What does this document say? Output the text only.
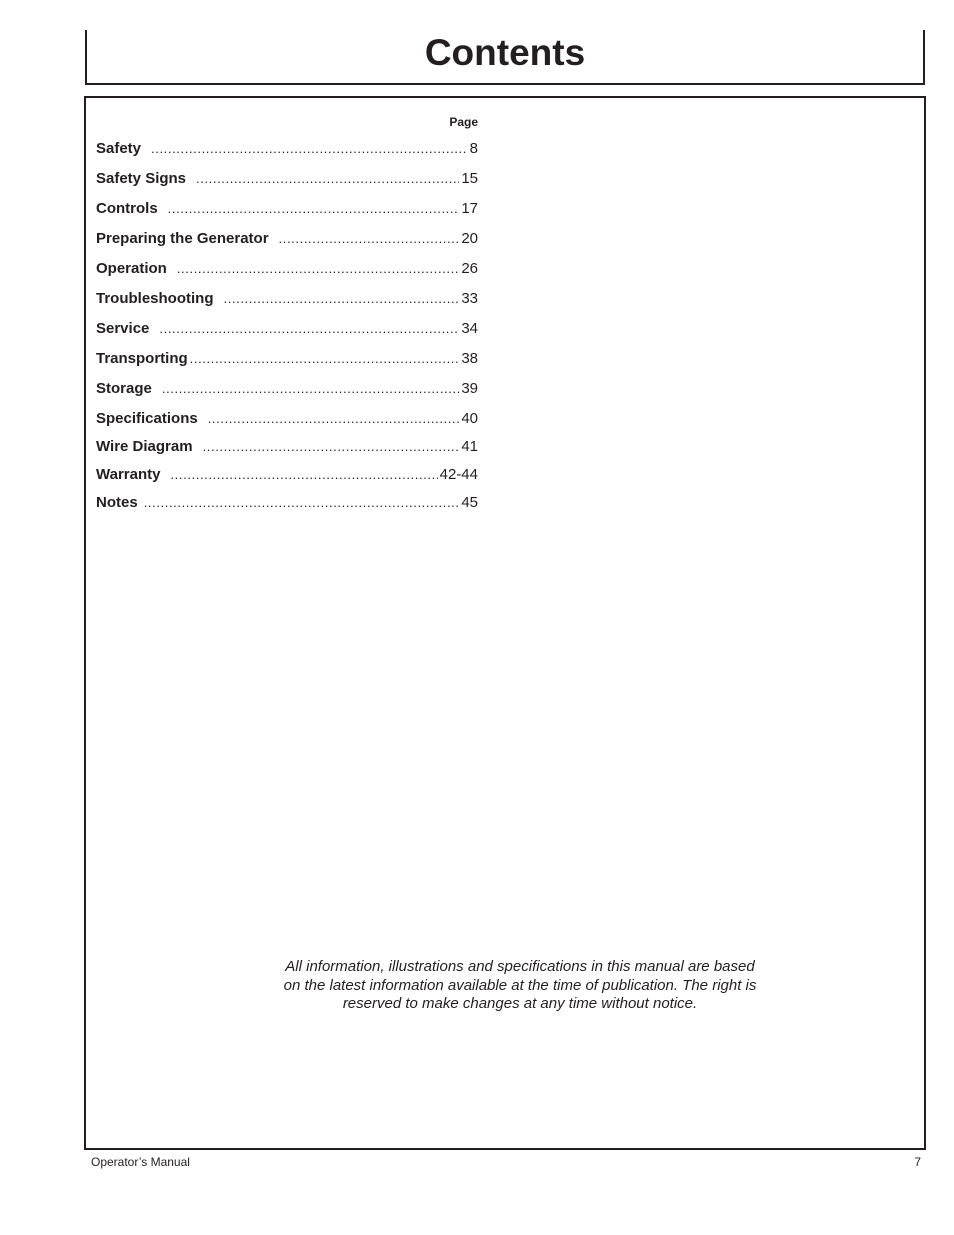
Contents
Page
Safety .....	8
Safety Signs .....	15
Controls .....	17
Preparing the Generator .....	20
Operation .....	26
Troubleshooting .....	33
Service .....	34
Transporting .....	38
Storage .....	39
Specifications .....	40
Wire Diagram .....	41
Warranty .....	42-44
Notes .....	45
All information, illustrations and specifications in this manual are based
on the latest information available at the time of publication. The right is
reserved to make changes at any time without notice.
Operator’s Manual	7
